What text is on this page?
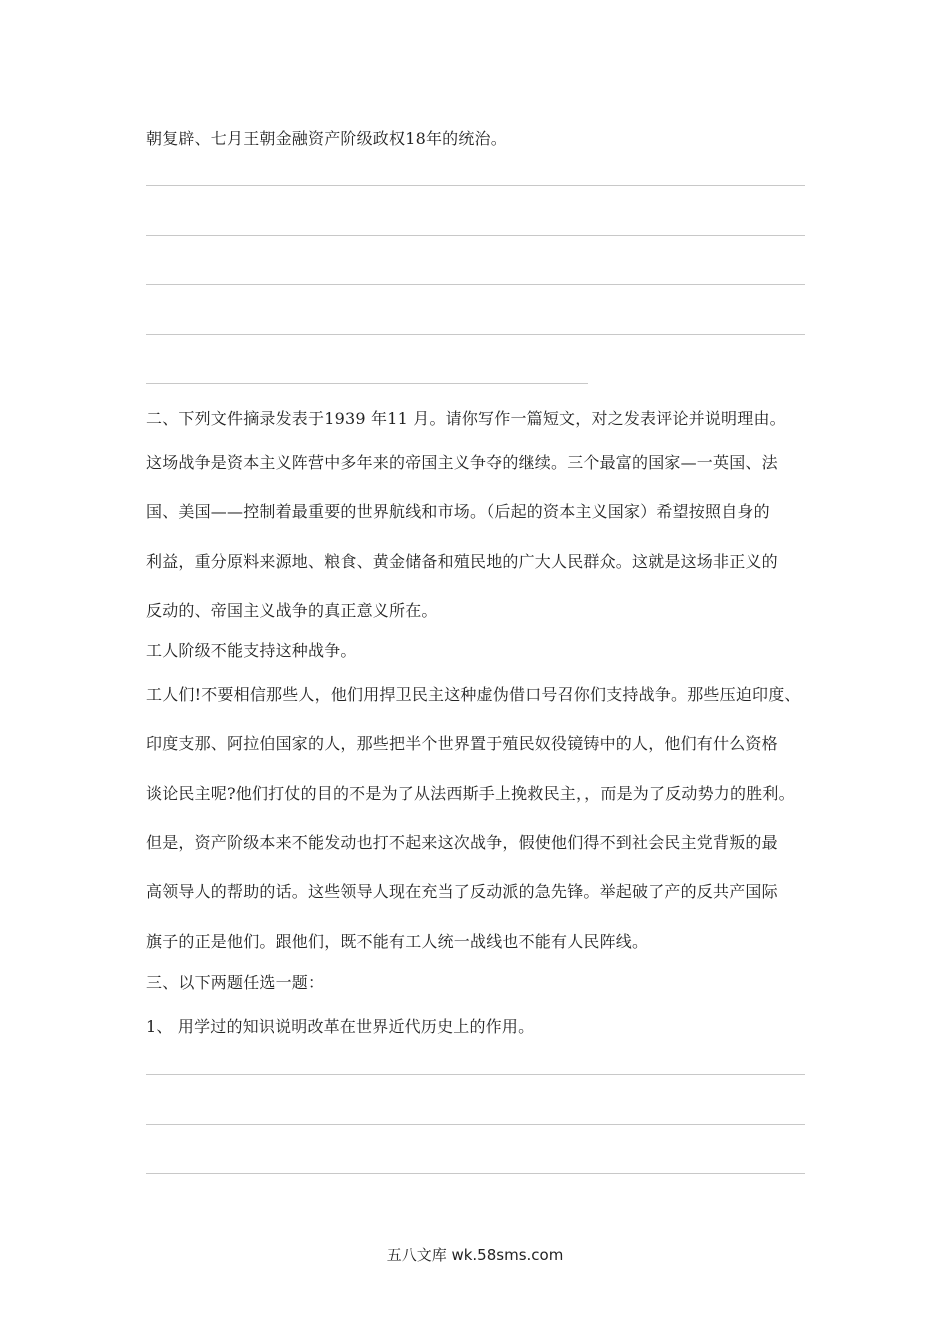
朝复辟、七月王朝金融资产阶级政权18年的统治。
二、下列文件摘录发表于1939 年11 月。请你写作一篇短文，对之发表评论并说明理由。
这场战争是资本主义阵营中多年来的帝国主义争夺的继续。三个最富的国家—一英国、法
国、美国——控制着最重要的世界航线和市场。（后起的资本主义国家）希望按照自身的
利益，重分原料来源地、粮食、黄金储备和殖民地的广大人民群众。这就是这场非正义的
反动的、帝国主义战争的真正意义所在。
工人阶级不能支持这种战争。
工人们!不要相信那些人，他们用捍卫民主这种虚伪借口号召你们支持战争。那些压迫印度、
印度支那、阿拉伯国家的人，那些把半个世界置于殖民奴役镜铸中的人，他们有什么资格
谈论民主呢?他们打仗的目的不是为了从法西斯手上挽救民主，，而是为了反动势力的胜利。
但是，资产阶级本来不能发动也打不起来这次战争，假使他们得不到社会民主党背叛的最
高领导人的帮助的话。这些领导人现在充当了反动派的急先锋。举起破了产的反共产国际
旗子的正是他们。跟他们，既不能有工人统一战线也不能有人民阵线。
三、以下两题任选一题：
1、 用学过的知识说明改革在世界近代历史上的作用。
五八文库 wk.58sms.com
